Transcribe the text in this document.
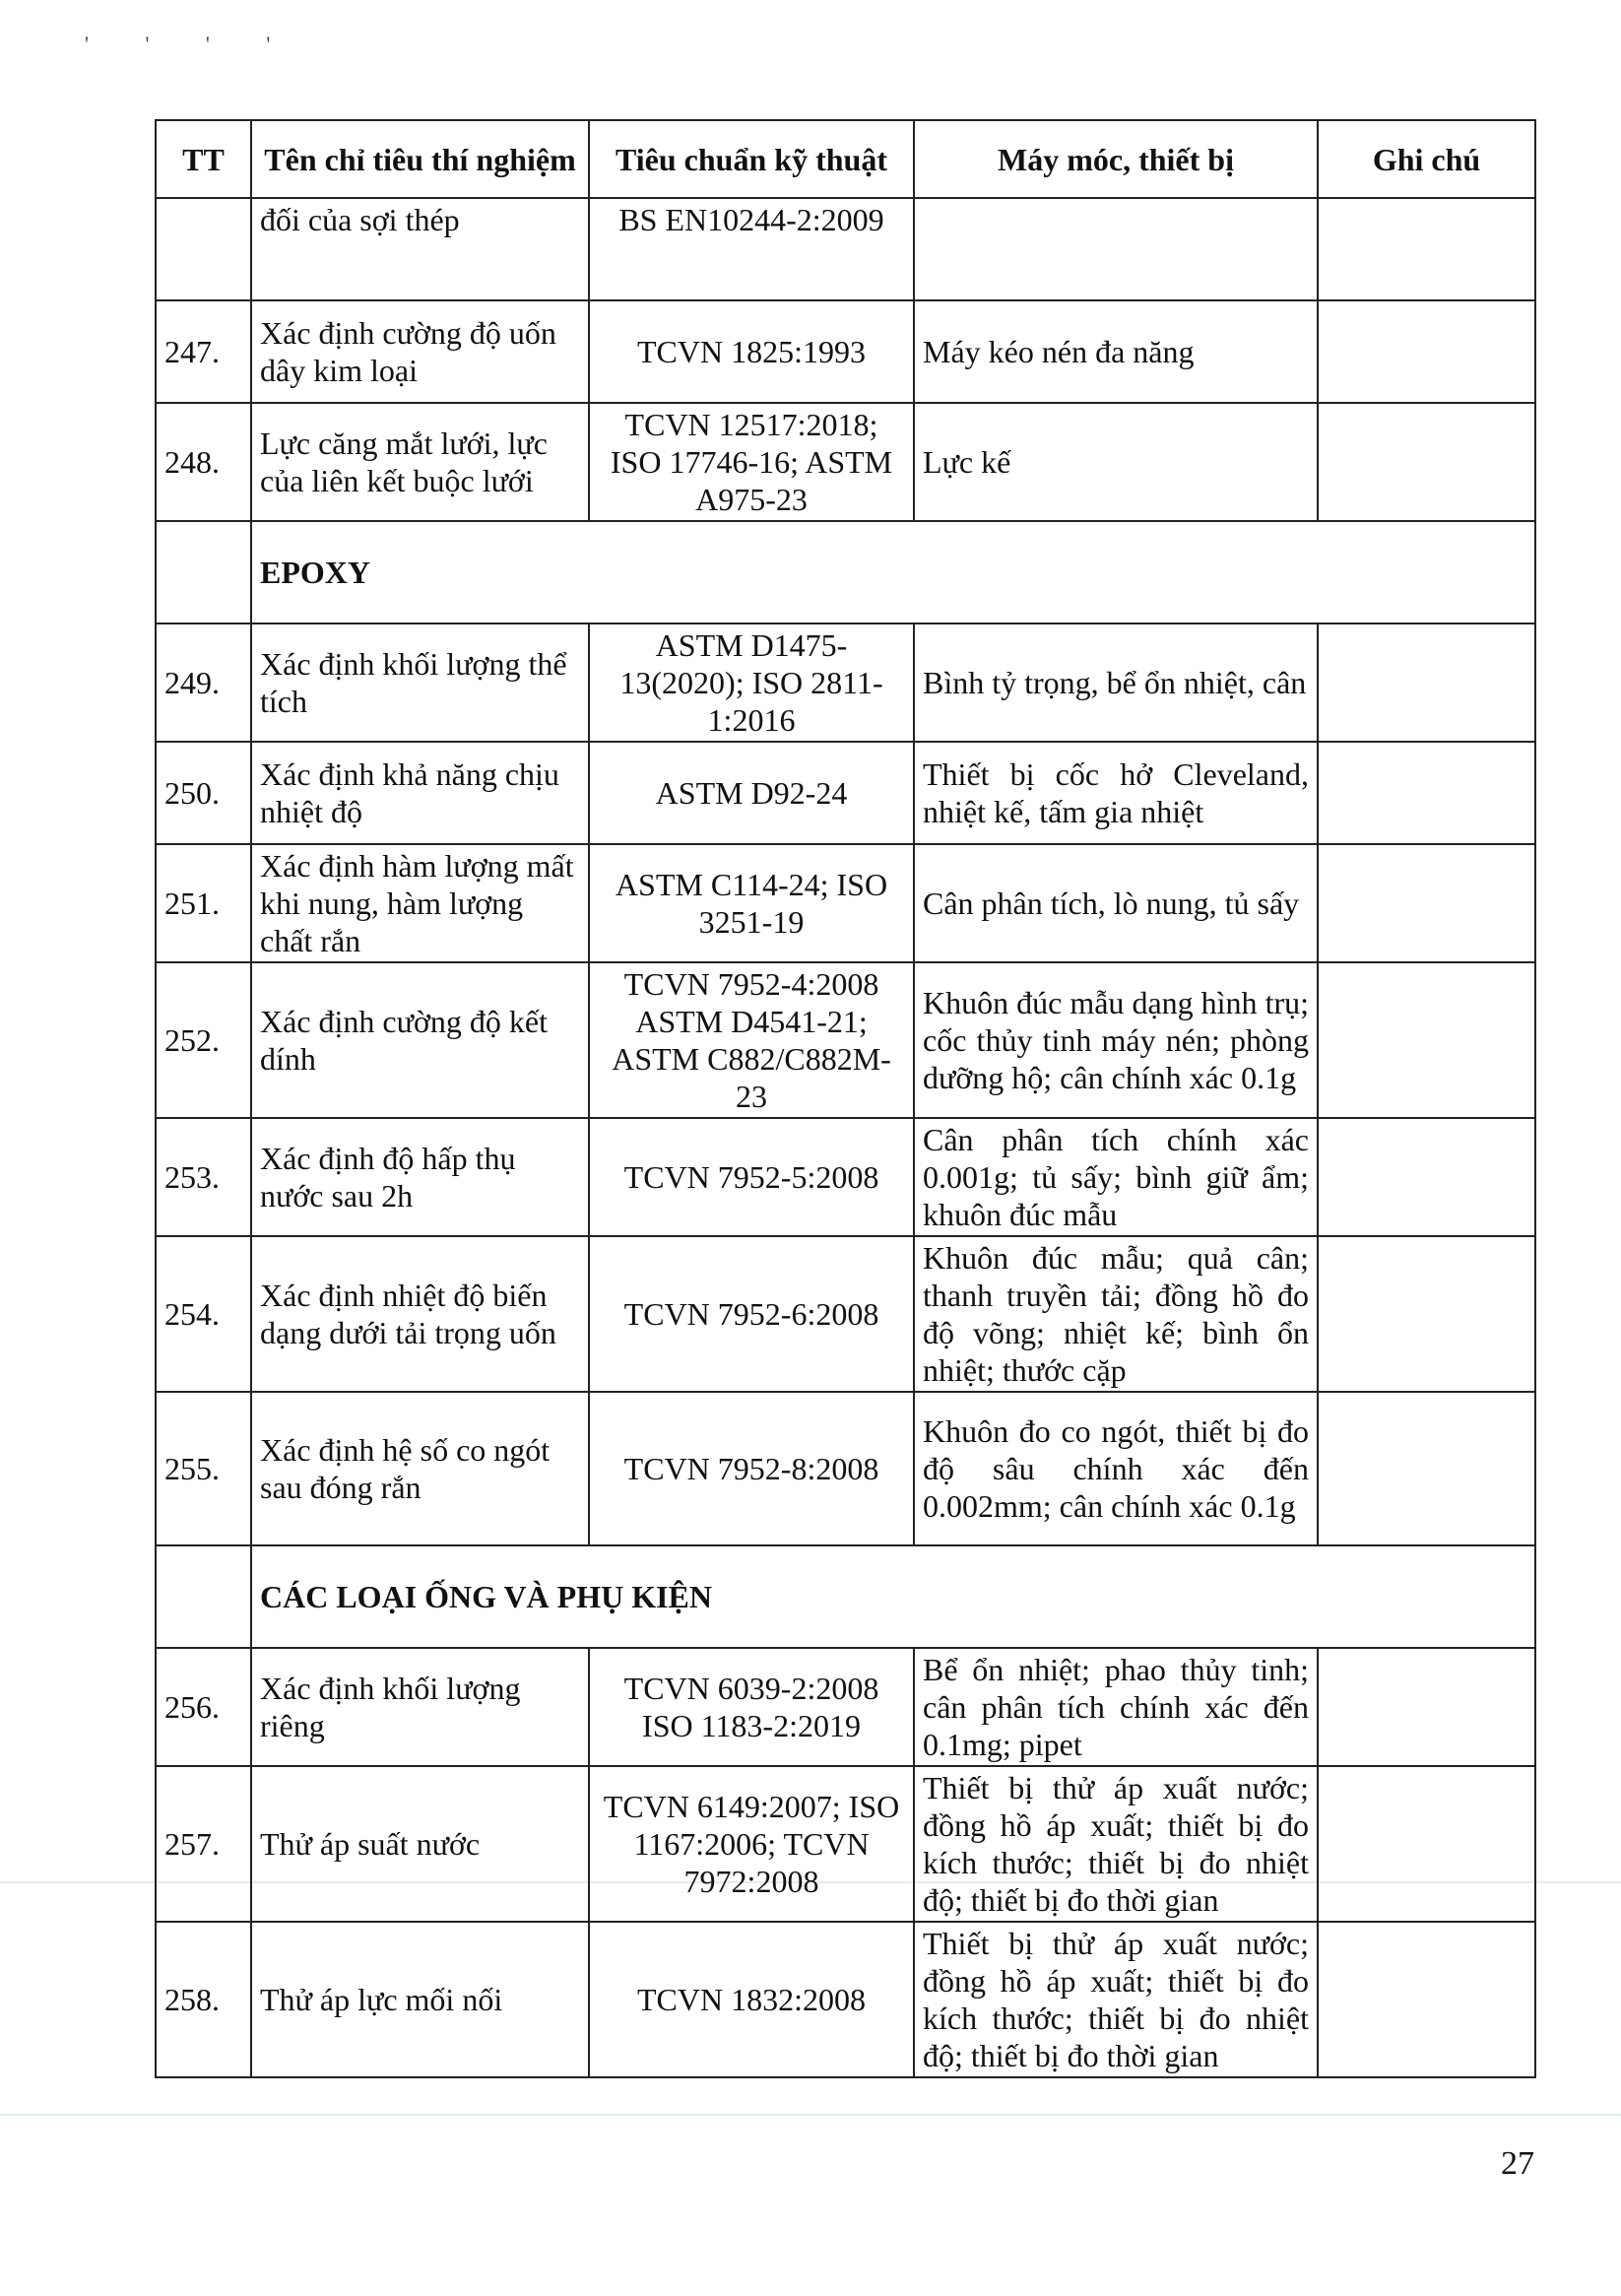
' ' ' '
TT	Tên chỉ tiêu thí nghiệm	Tiêu chuẩn kỹ thuật	Máy móc, thiết bị	Ghi chú
	đối của sợi thép	BS EN10244-2:2009		
247.	Xác định cường độ uốn dây kim loại	TCVN 1825:1993	Máy kéo nén đa năng	
248.	Lực căng mắt lưới, lực của liên kết buộc lưới	TCVN 12517:2018; ISO 17746-16; ASTM A975-23	Lực kế	
	EPOXY			
249.	Xác định khối lượng thể tích	ASTM D1475-13(2020); ISO 2811-1:2016	Bình tỷ trọng, bể ổn nhiệt, cân	
250.	Xác định khả năng chịu nhiệt độ	ASTM D92-24	Thiết bị cốc hở Cleveland, nhiệt kế, tấm gia nhiệt	
251.	Xác định hàm lượng mất khi nung, hàm lượng chất rắn	ASTM C114-24; ISO 3251-19	Cân phân tích, lò nung, tủ sấy	
252.	Xác định cường độ kết dính	TCVN 7952-4:2008 ASTM D4541-21; ASTM C882/C882M-23	Khuôn đúc mẫu dạng hình trụ; cốc thủy tinh máy nén; phòng dưỡng hộ; cân chính xác 0.1g	
253.	Xác định độ hấp thụ nước sau 2h	TCVN 7952-5:2008	Cân phân tích chính xác 0.001g; tủ sấy; bình giữ ẩm; khuôn đúc mẫu	
254.	Xác định nhiệt độ biến dạng dưới tải trọng uốn	TCVN 7952-6:2008	Khuôn đúc mẫu; quả cân; thanh truyền tải; đồng hồ đo độ võng; nhiệt kế; bình ổn nhiệt; thước cặp	
255.	Xác định hệ số co ngót sau đóng rắn	TCVN 7952-8:2008	Khuôn đo co ngót, thiết bị đo độ sâu chính xác đến 0.002mm; cân chính xác 0.1g	
	CÁC LOẠI ỐNG VÀ PHỤ KIỆN			
256.	Xác định khối lượng riêng	TCVN 6039-2:2008 ISO 1183-2:2019	Bể ổn nhiệt; phao thủy tinh; cân phân tích chính xác đến 0.1mg; pipet	
257.	Thử áp suất nước	TCVN 6149:2007; ISO 1167:2006; TCVN 7972:2008	Thiết bị thử áp xuất nước; đồng hồ áp xuất; thiết bị đo kích thước; thiết bị đo nhiệt độ; thiết bị đo thời gian	
258.	Thử áp lực mối nối	TCVN 1832:2008	Thiết bị thử áp xuất nước; đồng hồ áp xuất; thiết bị đo kích thước; thiết bị đo nhiệt độ; thiết bị đo thời gian	
27
